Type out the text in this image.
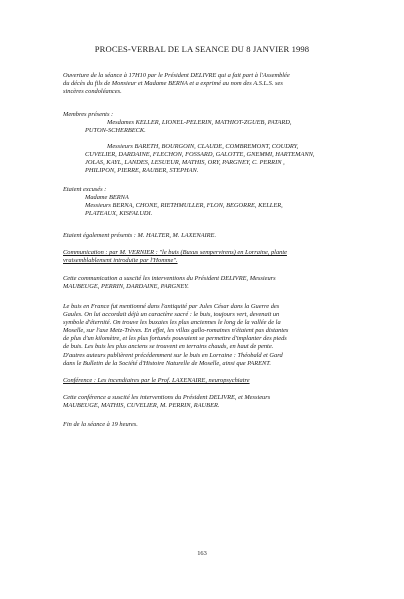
PROCES-VERBAL DE LA SEANCE DU 8 JANVIER 1998

Ouverture de la séance à 17H10 par le Président DELIVRE qui a fait part à l'Assemblée

du décès du fils de Monsieur et Madame BERNA et a exprimé au nom des A.S.L.S. ses

sincères condoléances.

Membres présents :

Mesdames KELLER, LIONEL-PELERIN, MATHIOT-ZGUEB, PATARD,

PUTON-SCHERBECK.

Messieurs BARETH, BOURGOIN, CLAUDE, COMBREMONT, COUDRY,

CUVELIER, DARDAINE, FLECHON, FOSSARD, GALOTTE, GNEMMI, HARTEMANN,

JOLAS, KAYL, LANDES, LESUEUR, MATHIS, ORY, PARGNEY, C. PERRIN ,

PHILIPON, PIERRE, RAUBER, STEPHAN.

Etaient excusés :

Madame BERNA

Messieurs BERNA, CHONE, RIETHMULLER, FLON, BEGORRE, KELLER,

PLATEAUX, KISFALUDI.

Etaient également présents : M. HALTER, M. LAXENAIRE.

Communication : par M. VERNIER : "le buis (Buxus sempervirens) en Lorraine, plante

vraisemblablement introduite par l'Homme".

Cette communication a suscité les interventions du Président DELIVRE, Messieurs

MAUBEUGE, PERRIN, DARDAINE, PARGNEY.

Le buis en France fut mentionné dans l'antiquité par Jules César dans la Guerre des

Gaules. On lui accordait déjà un caractère sacré : le buis, toujours vert, devenait un

symbole d'éternité. On trouve les buxaies les plus anciennes le long de la vallée de la

Moselle, sur l'axe Metz-Trèves. En effet, les villas gallo-romaines n'étaient pas distantes

de plus d'un kilomètre, et les plus fortunés pouvaient se permettre d'implanter des pieds

de buis. Les buis les plus anciens se trouvent en terrains chauds, en haut de pente.

D'autres auteurs publièrent précédemment sur le buis en Lorraine : Théobald et Gard

dans le Bulletin de la Société d'Histoire Naturelle de Moselle, ainsi que PARENT.

Conférence : Les incendiaires par le Prof. LAXENAIRE, neuropsychiatre

Cette conférence a suscité les interventions du Président DELIVRE, et Messieurs

MAUBEUGE, MATHIS, CUVELIER, M. PERRIN, RAUBER.

Fin de la séance à 19 heures.

163
